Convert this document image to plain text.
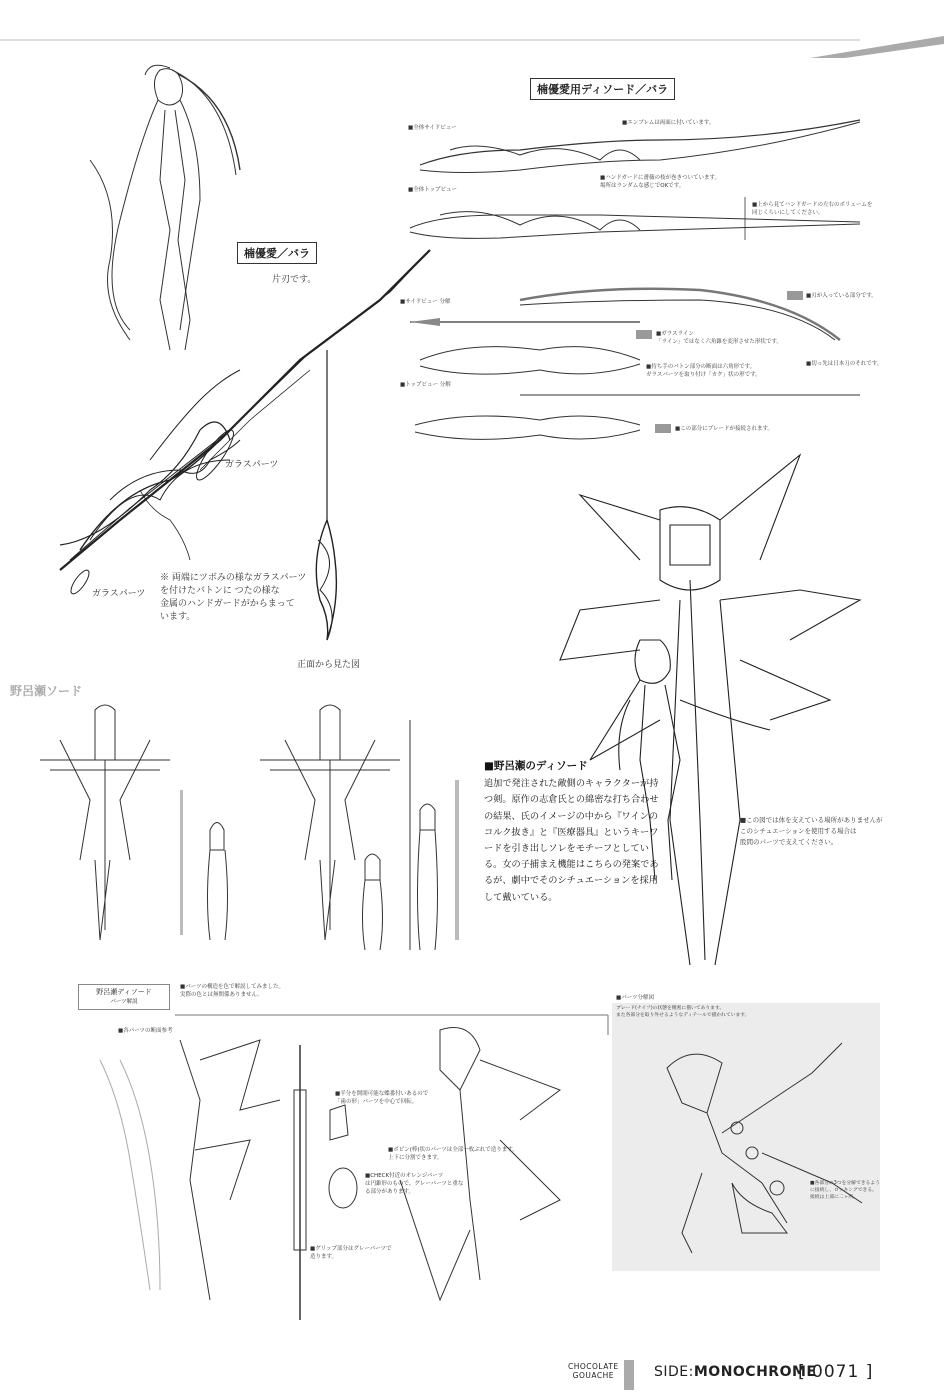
楠優愛用ディソード／バラ
楠優愛／バラ
■全体サイドビュー
■全体トップビュー
■サイドビュー 分解
■トップビュー 分解
■エンブレムは両面に付いています。
■ハンドガードに薔薇の枝が巻きついています。
場所はランダムな感じでOKです。
■上から見てハンドガードの左右のボリュームを
同じくらいにしてください。
■刃が入っている部分です。
■ガラスライン
「ライン」ではなく六角錐を変形させた形状です。
■持ち手のバトン部分の断面は六角形です。
ガラスパーツを取り付け「カク」状の形です。
■切っ先は日本刀のそれです。
■この部分にブレードが接続されます。
片刃です。
ガラスパーツ
ガラスパーツ
※ 両端にツボみの様なガラスパーツ
を付けたバトンに つたの様な
金属のハンドガードがからまって
います。
正面から見た図
野呂瀬ソード
■野呂瀬のディソード

追加で発注された敵側のキャラクターが持つ剣。原作の志倉氏との綿密な打ち合わせの結果、氏のイメージの中から『ワインのコルク抜き』と『医療器具』というキーワードを引き出しソレをモチーフとしている。女の子捕まえ機能はこちらの発案であるが、劇中でそのシチュエーションを採用して戴いている。

■この図では体を支えている場所がありませんが
このシチュエーションを使用する場合は
股間のパーツで支えてください。
野呂瀬ディソード
パーツ解説
■パーツの構造を色で解説してみました。
実際の色とは無関係ありません。
■各パーツの断面参考
■半分を開閉可能な蝶番付いあるので
「歯の形」パーツを中心で回転。
■ボビン(棒)状のパーツは全部一枚ぶれで造ります。
上下に分割できます。
■CHECK付近のオレンジパーツ
は円錐形のもので、グレーパーツと重な
る部分があります。
■グリップ部分はグレーパーツで
造ります。
■パーツ分解図
ブレード(ナイフ)の状態を精密に描いてあります。
また各部分を取り外せるようなディテールで描かれています。
■各部分の3つを分解できるよう
に接続し、ロッキングできる。
接続は上部に二ヶ所。
CHOCOLATE
GOUACHE	SIDE:MONOCHROME
[ 0071 ]
